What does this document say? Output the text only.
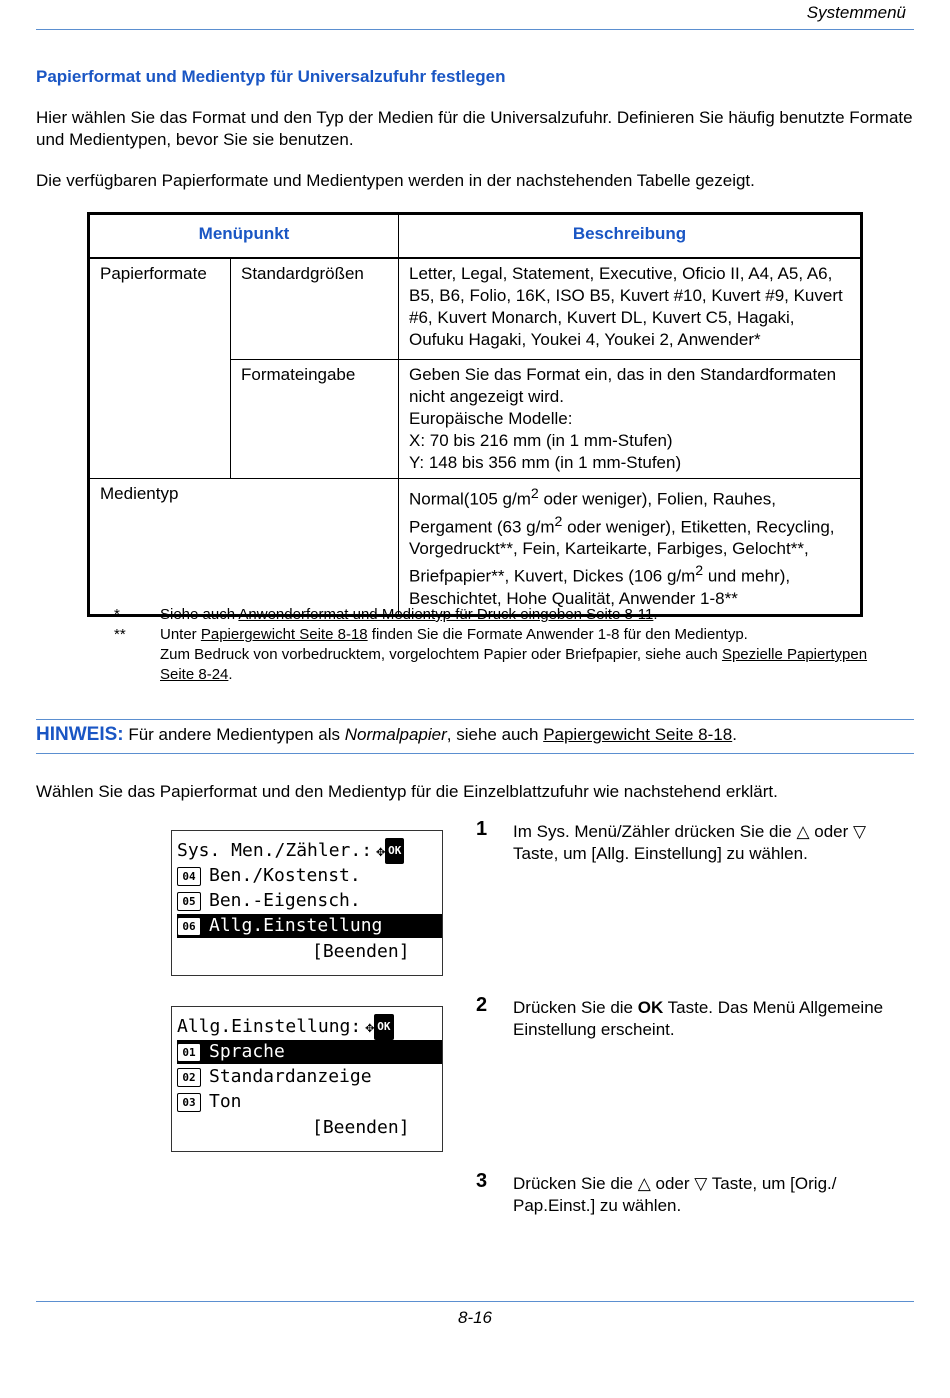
Systemmenü
Papierformat und Medientyp für Universalzufuhr festlegen
Hier wählen Sie das Format und den Typ der Medien für die Universalzufuhr. Definieren Sie häufig benutzte Formate und Medientypen, bevor Sie sie benutzen.
Die verfügbaren Papierformate und Medientypen werden in der nachstehenden Tabelle gezeigt.
Menüpunkt		Beschreibung
Papierformate	Standardgrößen	Letter, Legal, Statement, Executive, Oficio II, A4, A5, A6, B5, B6, Folio, 16K, ISO B5, Kuvert #10, Kuvert #9, Kuvert #6, Kuvert Monarch, Kuvert DL, Kuvert C5, Hagaki, Oufuku Hagaki, Youkei 4, Youkei 2, Anwender*
	Formateingabe	Geben Sie das Format ein, das in den Standardformaten nicht angezeigt wird.
Europäische Modelle:
X: 70 bis 216 mm (in 1 mm-Stufen)
Y: 148 bis 356 mm (in 1 mm-Stufen)
Medientyp		Normal(105 $g/m^2$ oder weniger), Folien, Rauhes, Pergament (63 $g/m^2$ oder weniger), Etiketten, Recycling, Vorgedruckt**, Fein, Karteikarte, Farbiges, Gelocht**, Briefpapier**, Kuvert, Dickes (106 $g/m^2$ und mehr), Beschichtet, Hohe Qualität, Anwender 1-8**
*	Siehe auch Anwenderformat und Medientyp für Druck eingeben Seite 8-11.
** Unter Papiergewicht Seite 8-18 finden Sie die Formate Anwender 1-8 für den Medientyp.
Zum Bedruck von vorbedrucktem, vorgelochtem Papier oder Briefpapier, siehe auch Spezielle Papiertypen Seite 8-24.
HINWEIS: Für andere Medientypen als Normalpapier, siehe auch Papiergewicht Seite 8-18.
Wählen Sie das Papierformat und den Medientyp für die Einzelblattzufuhr wie nachstehend erklärt.
Sys. Men./Zähler.: ✥ OK
04 Ben./Kostenst.
05 Ben.-Eigensch.
06 Allg.Einstellung
[Beenden]
Allg.Einstellung: ✥ OK
01 Sprache
02 Standardanzeige
03 Ton
[Beenden]
1 Im Sys. Menü/Zähler drücken Sie die △ oder ▽ Taste, um [Allg. Einstellung] zu wählen.
2 Drücken Sie die OK Taste. Das Menü Allgemeine Einstellung erscheint.
3 Drücken Sie die △ oder ▽ Taste, um [Orig./ Pap.Einst.] zu wählen.
8-16
